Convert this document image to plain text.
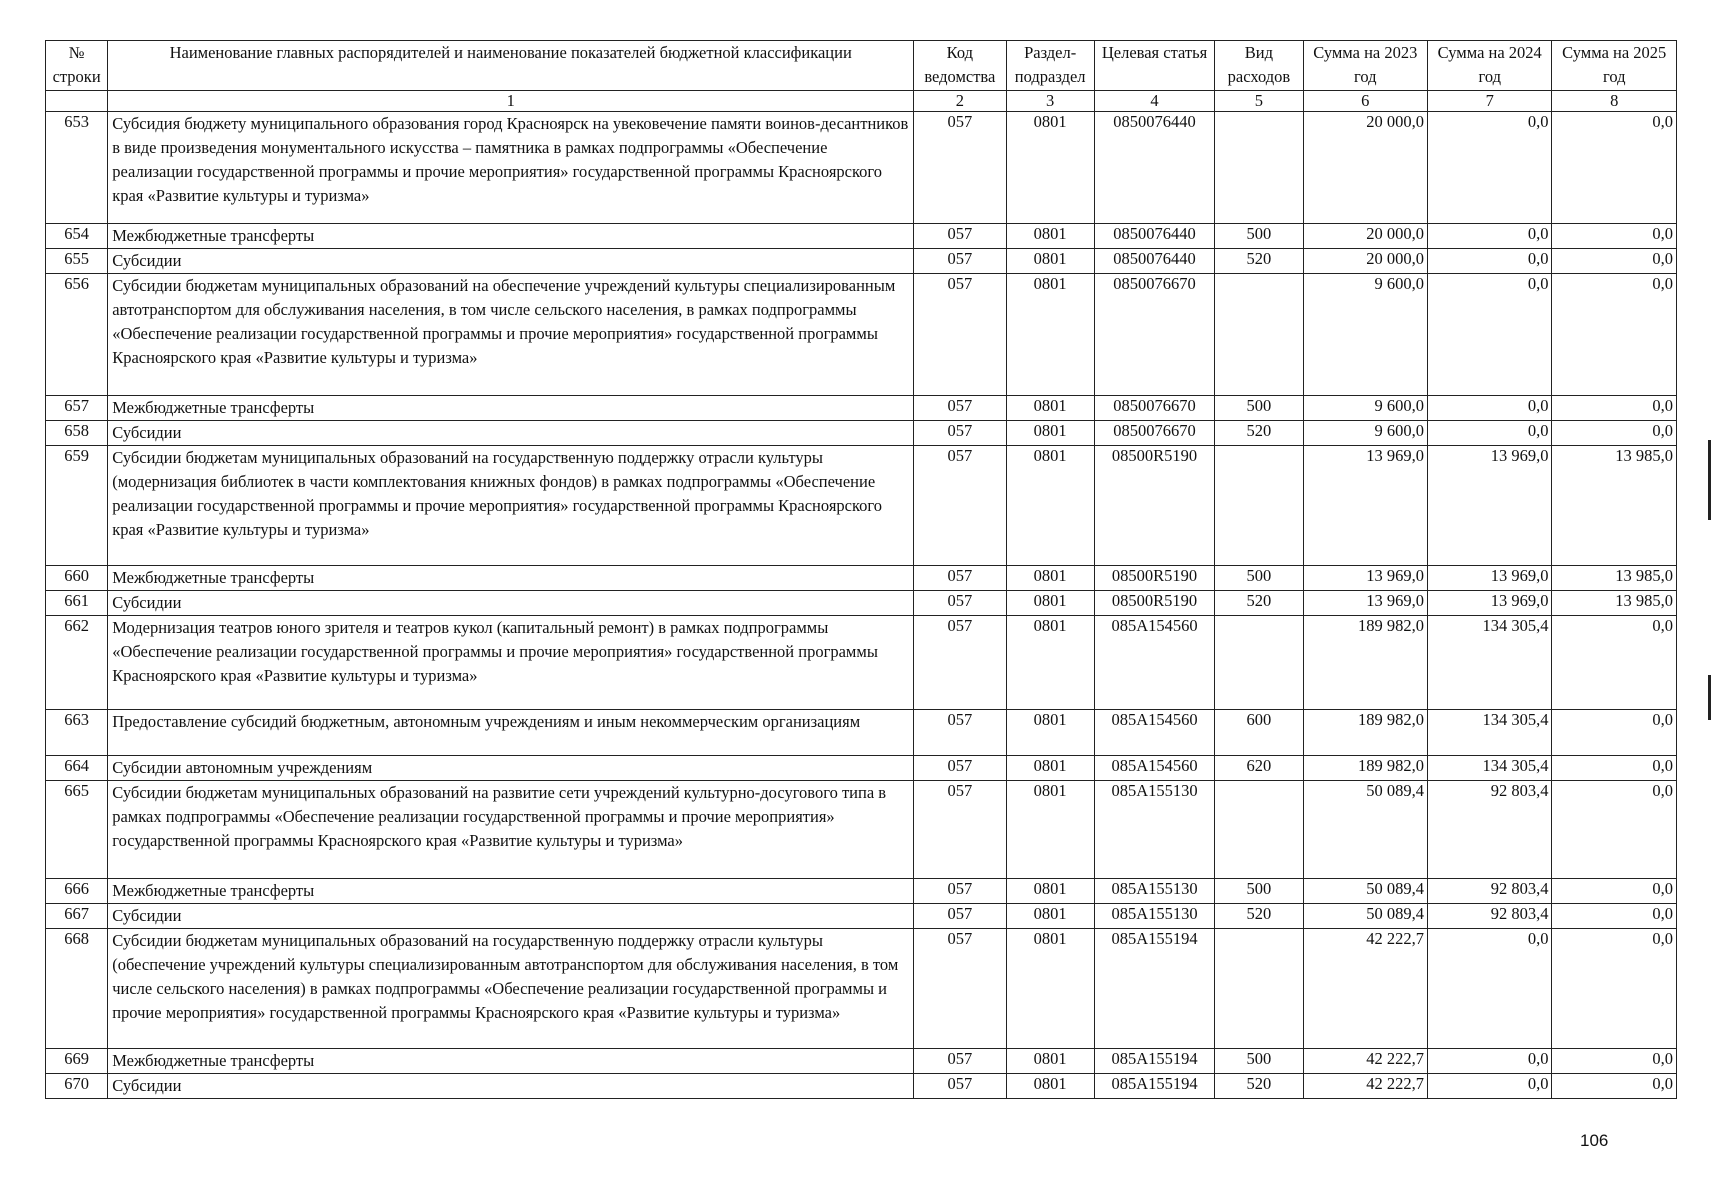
№ строки	Наименование главных распорядителей и наименование показателей бюджетной классификации	Код ведомства	Раздел-подраздел	Целевая статья	Вид расходов	Сумма на 2023 год	Сумма на 2024 год	Сумма на 2025 год
	1	2	3	4	5	6	7	8
653	Субсидия бюджету муниципального образования город Красноярск на увековечение памяти воинов-десантников в виде произведения монументального искусства – памятника в рамках подпрограммы «Обеспечение реализации государственной программы и прочие мероприятия» государственной программы Красноярского края «Развитие культуры и туризма»	057	0801	0850076440		20 000,0	0,0	0,0
654	Межбюджетные трансферты	057	0801	0850076440	500	20 000,0	0,0	0,0
655	Субсидии	057	0801	0850076440	520	20 000,0	0,0	0,0
656	Субсидии бюджетам муниципальных образований на обеспечение учреждений культуры специализированным автотранспортом для обслуживания населения, в том числе сельского населения, в рамках подпрограммы «Обеспечение реализации государственной программы и прочие мероприятия» государственной программы Красноярского края «Развитие культуры и туризма»	057	0801	0850076670		9 600,0	0,0	0,0
657	Межбюджетные трансферты	057	0801	0850076670	500	9 600,0	0,0	0,0
658	Субсидии	057	0801	0850076670	520	9 600,0	0,0	0,0
659	Субсидии бюджетам муниципальных образований на государственную поддержку отрасли культуры (модернизация библиотек в части комплектования книжных фондов) в рамках подпрограммы «Обеспечение реализации государственной программы и прочие мероприятия» государственной программы Красноярского края «Развитие культуры и туризма»	057	0801	08500R5190		13 969,0	13 969,0	13 985,0
660	Межбюджетные трансферты	057	0801	08500R5190	500	13 969,0	13 969,0	13 985,0
661	Субсидии	057	0801	08500R5190	520	13 969,0	13 969,0	13 985,0
662	Модернизация театров юного зрителя и театров кукол (капитальный ремонт) в рамках подпрограммы «Обеспечение реализации государственной программы и прочие мероприятия» государственной программы Красноярского края «Развитие культуры и туризма»	057	0801	085А154560		189 982,0	134 305,4	0,0
663	Предоставление субсидий бюджетным, автономным учреждениям и иным некоммерческим организациям	057	0801	085А154560	600	189 982,0	134 305,4	0,0
664	Субсидии автономным учреждениям	057	0801	085А154560	620	189 982,0	134 305,4	0,0
665	Субсидии бюджетам муниципальных образований на развитие сети учреждений культурно-досугового типа в рамках подпрограммы «Обеспечение реализации государственной программы и прочие мероприятия» государственной программы Красноярского края «Развитие культуры и туризма»	057	0801	085А155130		50 089,4	92 803,4	0,0
666	Межбюджетные трансферты	057	0801	085А155130	500	50 089,4	92 803,4	0,0
667	Субсидии	057	0801	085А155130	520	50 089,4	92 803,4	0,0
668	Субсидии бюджетам муниципальных образований на государственную поддержку отрасли культуры (обеспечение учреждений культуры специализированным автотранспортом для обслуживания населения, в том числе сельского населения) в рамках подпрограммы «Обеспечение реализации государственной программы и прочие мероприятия» государственной программы Красноярского края «Развитие культуры и туризма»	057	0801	085А155194		42 222,7	0,0	0,0
669	Межбюджетные трансферты	057	0801	085А155194	500	42 222,7	0,0	0,0
670	Субсидии	057	0801	085А155194	520	42 222,7	0,0	0,0
106
